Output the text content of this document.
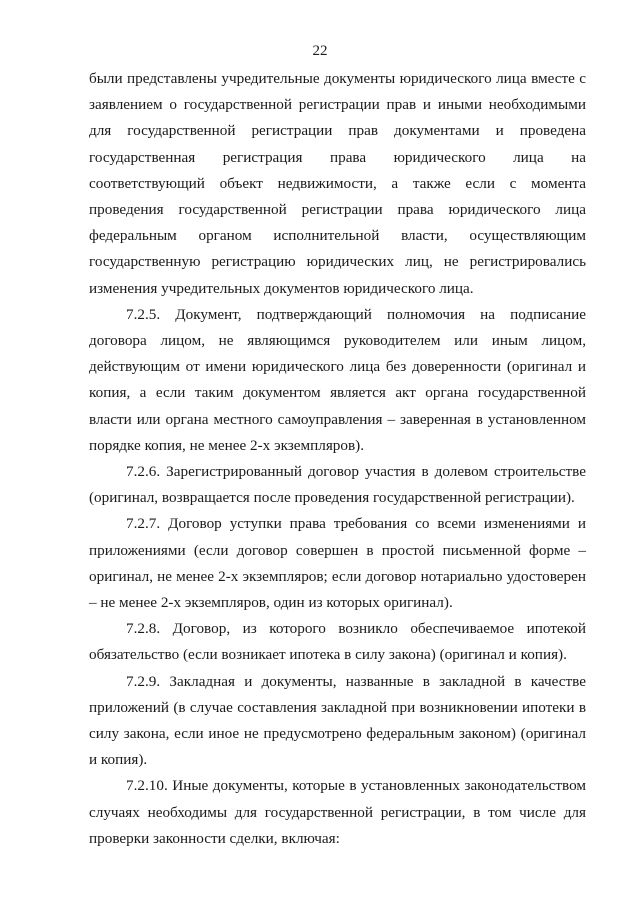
22

были представлены учредительные документы юридического лица вместе с заявлением о государственной регистрации прав и иными необходимыми для государственной регистрации прав документами и проведена государственная регистрация права юридического лица на соответствующий объект недвижимости, а также если с момента проведения государственной регистрации права юридического лица федеральным органом исполнительной власти, осуществляющим государственную регистрацию юридических лиц, не регистрировались изменения учредительных документов юридического лица.

7.2.5. Документ, подтверждающий полномочия на подписание договора лицом, не являющимся руководителем или иным лицом, действующим от имени юридического лица без доверенности (оригинал и копия, а если таким документом является акт органа государственной власти или органа местного самоуправления – заверенная в установленном порядке копия, не менее 2-х экземпляров).

7.2.6. Зарегистрированный договор участия в долевом строительстве (оригинал, возвращается после проведения государственной регистрации).

7.2.7. Договор уступки права требования со всеми изменениями и приложениями (если договор совершен в простой письменной форме – оригинал, не менее 2-х экземпляров; если договор нотариально удостоверен – не менее 2-х экземпляров, один из которых оригинал).

7.2.8. Договор, из которого возникло обеспечиваемое ипотекой обязательство (если возникает ипотека в силу закона) (оригинал и копия).

7.2.9. Закладная и документы, названные в закладной в качестве приложений (в случае составления закладной при возникновении ипотеки в силу закона, если иное не предусмотрено федеральным законом) (оригинал и копия).

7.2.10. Иные документы, которые в установленных законодательством случаях необходимы для государственной регистрации, в том числе для проверки законности сделки, включая:
